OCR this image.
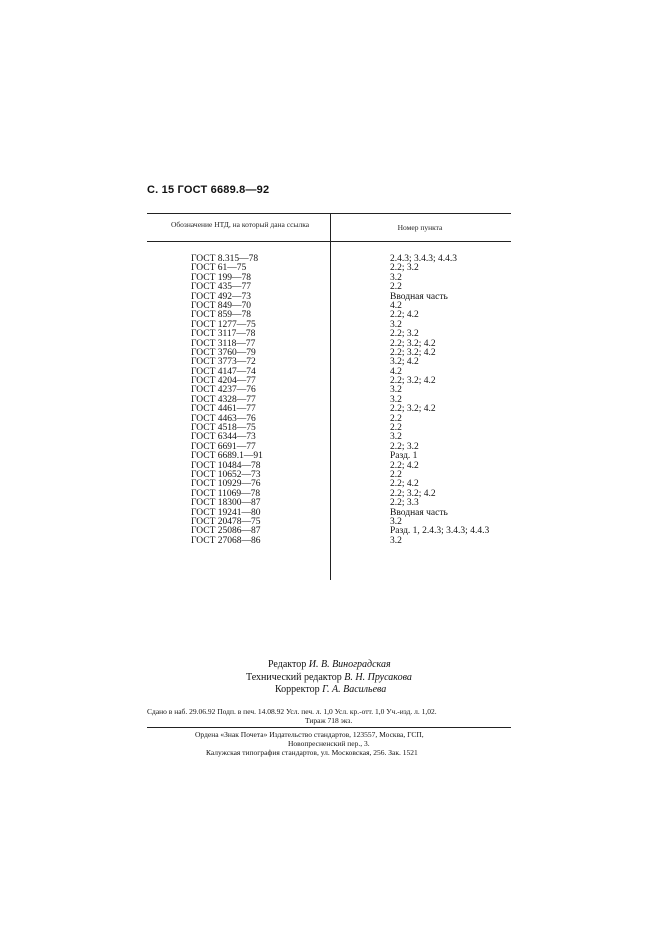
С. 15 ГОСТ 6689.8—92
Обозначение НТД, на который дана ссылка	Номер пункта
ГОСТ 8.315—78
ГОСТ 61—75
ГОСТ 199—78
ГОСТ 435—77
ГОСТ 492—73
ГОСТ 849—70
ГОСТ 859—78
ГОСТ 1277—75
ГОСТ 3117—78
ГОСТ 3118—77
ГОСТ 3760—79
ГОСТ 3773—72
ГОСТ 4147—74
ГОСТ 4204—77
ГОСТ 4237—76
ГОСТ 4328—77
ГОСТ 4461—77
ГОСТ 4463—76
ГОСТ 4518—75
ГОСТ 6344—73
ГОСТ 6691—77
ГОСТ 6689.1—91
ГОСТ 10484—78
ГОСТ 10652—73
ГОСТ 10929—76
ГОСТ 11069—78
ГОСТ 18300—87
ГОСТ 19241—80
ГОСТ 20478—75
ГОСТ 25086—87
ГОСТ 27068—86
2.4.3; 3.4.3; 4.4.3
2.2; 3.2
3.2
2.2
Вводная часть
4.2
2.2; 4.2
3.2
2.2; 3.2
2.2; 3.2; 4.2
2.2; 3.2; 4.2
3.2; 4.2
4.2
2.2; 3.2; 4.2
3.2
3.2
2.2; 3.2; 4.2
2.2
2.2
3.2
2.2; 3.2
Разд. 1
2.2; 4.2
2.2
2.2; 4.2
2.2; 3.2; 4.2
2.2; 3.3
Вводная часть
3.2
Разд. 1, 2.4.3; 3.4.3; 4.4.3
3.2
Редактор И. В. Виноградская
Технический редактор В. Н. Прусакова
Корректор Г. А. Васильева
Сдано в наб. 29.06.92 Подп. в печ. 14.08.92 Усл. печ. л. 1,0 Усл. кр.-отт. 1,0 Уч.-изд. л. 1,02.
Тираж 718 экз.
Ордена «Знак Почета» Издательство стандартов, 123557, Москва, ГСП,
Новопресненский пер., 3.
Калужская типография стандартов, ул. Московская, 256. Зак. 1521
